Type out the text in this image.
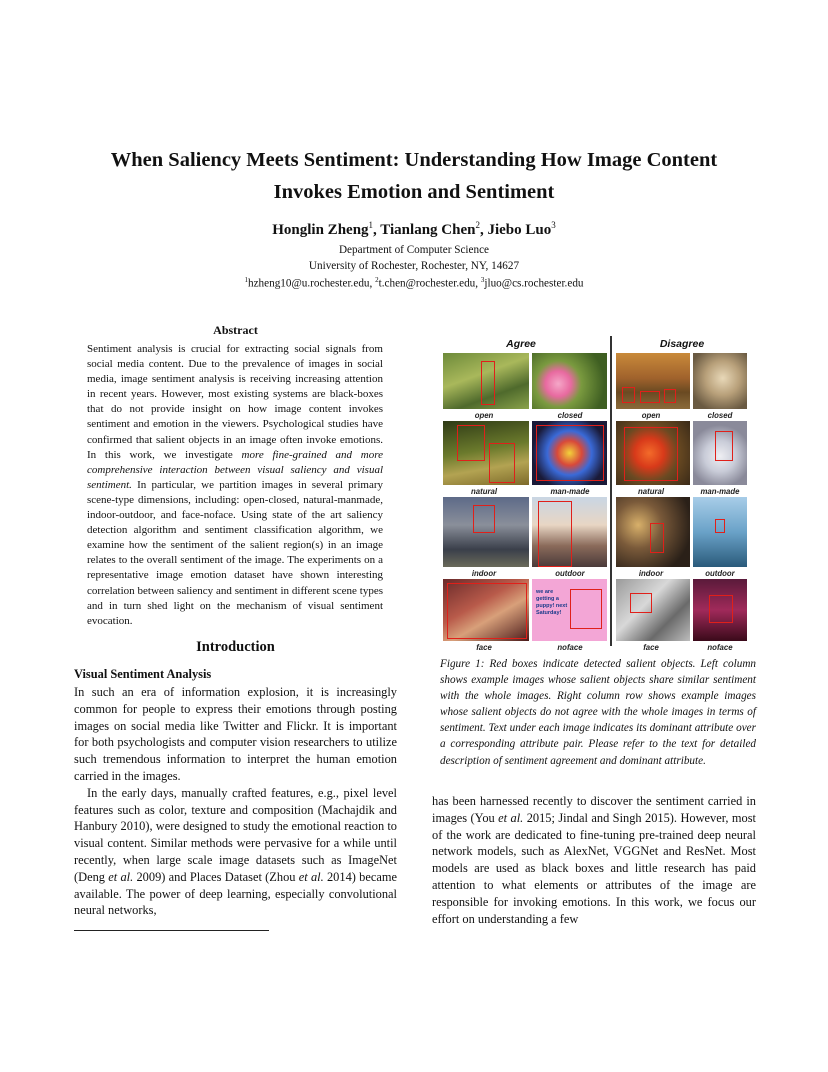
When Saliency Meets Sentiment: Understanding How Image Content
Invokes Emotion and Sentiment
Honglin Zheng$^1$, Tianlang Chen$^2$, Jiebo Luo$^3$
Department of Computer Science
University of Rochester, Rochester, NY, 14627
$^1$hzheng10@u.rochester.edu, $^2$t.chen@rochester.edu, $^3$jluo@cs.rochester.edu
Abstract
Sentiment analysis is crucial for extracting social signals from social media content. Due to the prevalence of images in social media, image sentiment analysis is receiving increasing attention in recent years. However, most existing systems are black-boxes that do not provide insight on how image content invokes sentiment and emotion in the viewers. Psychological studies have confirmed that salient objects in an image often invoke emotions. In this work, we investigate more fine-grained and more comprehensive interaction between visual saliency and visual sentiment. In particular, we partition images in several primary scene-type dimensions, including: open-closed, natural-manmade, indoor-outdoor, and face-noface. Using state of the art saliency detection algorithm and sentiment classification algorithm, we examine how the sentiment of the salient region(s) in an image relates to the overall sentiment of the image. The experiments on a representative image emotion dataset have shown interesting correlation between saliency and sentiment in different scene types and in turn shed light on the mechanism of visual sentiment evocation.
Introduction
Visual Sentiment Analysis

In such an era of information explosion, it is increasingly common for people to express their emotions through posting images on social media like Twitter and Flickr. It is important for both psychologists and computer vision researchers to utilize such tremendous information to interpret the human emotion carried in the images.

In the early days, manually crafted features, e.g., pixel level features such as color, texture and composition (Machajdik and Hanbury 2010), were designed to study the emotional reaction to visual content. Similar methods were pervasive for a while until recently, when large scale image datasets such as ImageNet (Deng et al. 2009) and Places Dataset (Zhou et al. 2014) became available. The power of deep learning, especially convolutional neural networks,

Agree	Disagree
open	closed	open	closed
natural	man-made	natural	man-made
indoor	outdoor	indoor	outdoor
we are getting a puppy! next Saturday!
face	noface	face	noface
Figure 1: Red boxes indicate detected salient objects. Left column shows example images whose salient objects share similar sentiment with the whole images. Right column row shows example images whose salient objects do not agree with the whole images in terms of sentiment. Text under each image indicates its dominant attribute over a corresponding attribute pair. Please refer to the text for detailed description of sentiment agreement and dominant attribute.
has been harnessed recently to discover the sentiment carried in images (You et al. 2015; Jindal and Singh 2015). However, most of the work are dedicated to fine-tuning pre-trained deep neural network models, such as AlexNet, VGGNet and ResNet. Most models are used as black boxes and little research has paid attention to what elements or attributes of the image are responsible for invoking emotions. In this work, we focus our effort on understanding a few
